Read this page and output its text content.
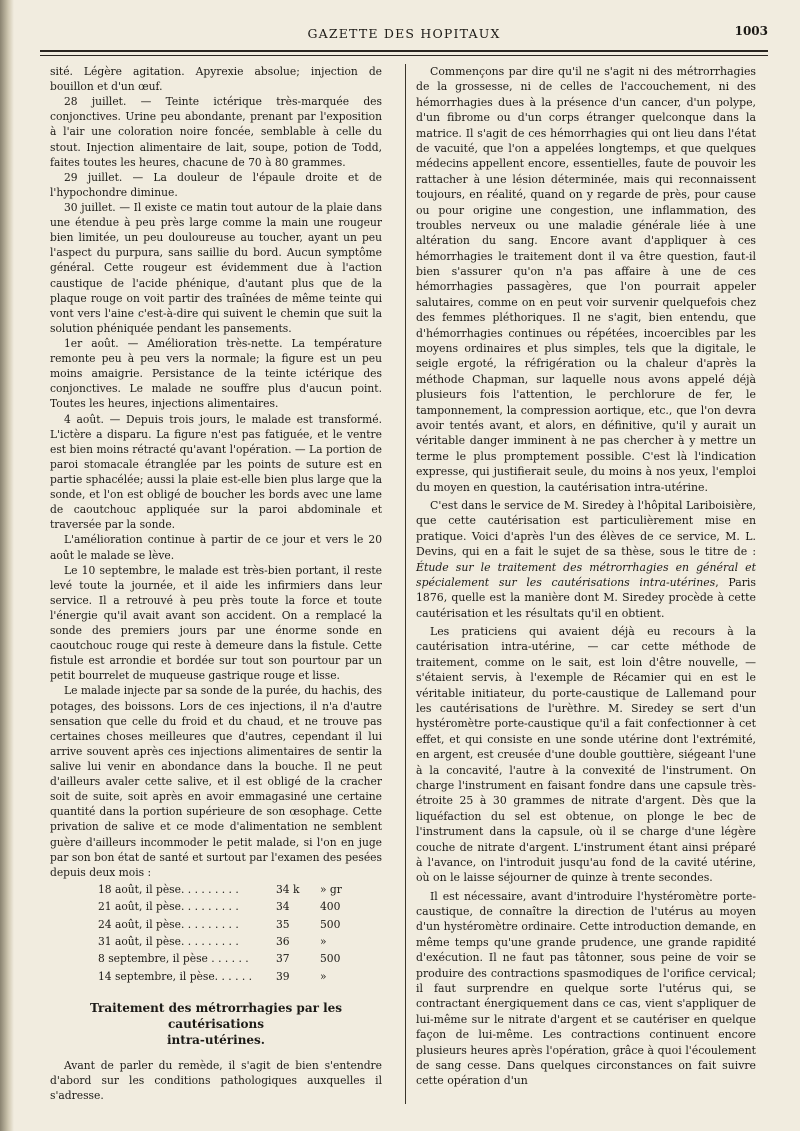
GAZETTE DES HOPITAUX	1003

sité. Légère agitation. Apyrexie absolue; injection de bouillon et d'un œuf.

28 juillet. — Teinte ictérique très-marquée des conjonctives. Urine peu abondante, prenant par l'exposition à l'air une coloration noire foncée, semblable à celle du stout. Injection alimentaire de lait, soupe, potion de Todd, faites toutes les heures, chacune de 70 à 80 grammes.

29 juillet. — La douleur de l'épaule droite et de l'hypochondre diminue.

30 juillet. — Il existe ce matin tout autour de la plaie dans une étendue à peu près large comme la main une rougeur bien limitée, un peu douloureuse au toucher, ayant un peu l'aspect du purpura, sans saillie du bord. Aucun symptôme général. Cette rougeur est évidemment due à l'action caustique de l'acide phénique, d'autant plus que de la plaque rouge on voit partir des traînées de même teinte qui vont vers l'aine c'est-à-dire qui suivent le chemin que suit la solution phéniquée pendant les pansements.

1er août. — Amélioration très-nette. La température remonte peu à peu vers la normale; la figure est un peu moins amaigrie. Persistance de la teinte ictérique des conjonctives. Le malade ne souffre plus d'aucun point. Toutes les heures, injections alimentaires.

4 août. — Depuis trois jours, le malade est transformé. L'ictère a disparu. La figure n'est pas fatiguée, et le ventre est bien moins rétracté qu'avant l'opération. — La portion de paroi stomacale étranglée par les points de suture est en partie sphacélée; aussi la plaie est-elle bien plus large que la sonde, et l'on est obligé de boucher les bords avec une lame de caoutchouc appliquée sur la paroi abdominale et traversée par la sonde.

L'amélioration continue à partir de ce jour et vers le 20 août le malade se lève.

Le 10 septembre, le malade est très-bien portant, il reste levé toute la journée, et il aide les infirmiers dans leur service. Il a retrouvé à peu près toute la force et toute l'énergie qu'il avait avant son accident. On a remplacé la sonde des premiers jours par une énorme sonde en caoutchouc rouge qui reste à demeure dans la fistule. Cette fistule est arrondie et bordée sur tout son pourtour par un petit bourrelet de muqueuse gastrique rouge et lisse.

Le malade injecte par sa sonde de la purée, du hachis, des potages, des boissons. Lors de ces injections, il n'a d'autre sensation que celle du froid et du chaud, et ne trouve pas certaines choses meilleures que d'autres, cependant il lui arrive souvent après ces injections alimentaires de sentir la salive lui venir en abondance dans la bouche. Il ne peut d'ailleurs avaler cette salive, et il est obligé de la cracher soit de suite, soit après en avoir emmagasiné une certaine quantité dans la portion supérieure de son œsophage. Cette privation de salive et ce mode d'alimentation ne semblent guère d'ailleurs incommoder le petit malade, si l'on en juge par son bon état de santé et surtout par l'examen des pesées depuis deux mois :

18 août, il pèse. . . . . . . . .	34 k	» gr
21 août, il pèse. . . . . . . . .	34	400
24 août, il pèse. . . . . . . . .	35	500
31 août, il pèse. . . . . . . . .	36	»
8 septembre, il pèse . . . . . .	37	500
14 septembre, il pèse. . . . . .	39	»
Traitement des métrorrhagies par les cautérisations
intra-utérines.

Avant de parler du remède, il s'agit de bien s'entendre d'abord sur les conditions pathologiques auxquelles il s'adresse.

Commençons par dire qu'il ne s'agit ni des métrorrhagies de la grossesse, ni de celles de l'accouchement, ni des hémorrhagies dues à la présence d'un cancer, d'un polype, d'un fibrome ou d'un corps étranger quelconque dans la matrice. Il s'agit de ces hémorrhagies qui ont lieu dans l'état de vacuité, que l'on a appelées longtemps, et que quelques médecins appellent encore, essentielles, faute de pouvoir les rattacher à une lésion déterminée, mais qui reconnaissent toujours, en réalité, quand on y regarde de près, pour cause ou pour origine une congestion, une inflammation, des troubles nerveux ou une maladie générale liée à une altération du sang. Encore avant d'appliquer à ces hémorrhagies le traitement dont il va être question, faut-il bien s'assurer qu'on n'a pas affaire à une de ces hémorrhagies passagères, que l'on pourrait appeler salutaires, comme on en peut voir survenir quelquefois chez des femmes pléthoriques. Il ne s'agit, bien entendu, que d'hémorrhagies continues ou répétées, incoercibles par les moyens ordinaires et plus simples, tels que la digitale, le seigle ergoté, la réfrigération ou la chaleur d'après la méthode Chapman, sur laquelle nous avons appelé déjà plusieurs fois l'attention, le perchlorure de fer, le tamponnement, la compression aortique, etc., que l'on devra avoir tentés avant, et alors, en définitive, qu'il y aurait un véritable danger imminent à ne pas chercher à y mettre un terme le plus promptement possible. C'est là l'indication expresse, qui justifierait seule, du moins à nos yeux, l'emploi du moyen en question, la cautérisation intra-utérine.

C'est dans le service de M. Siredey à l'hôpital Lariboisière, que cette cautérisation est particulièrement mise en pratique. Voici d'après l'un des élèves de ce service, M. L. Devins, qui en a fait le sujet de sa thèse, sous le titre de : Étude sur le traitement des métrorrhagies en général et spécialement sur les cautérisations intra-utérines, Paris 1876, quelle est la manière dont M. Siredey procède à cette cautérisation et les résultats qu'il en obtient.

Les praticiens qui avaient déjà eu recours à la cautérisation intra-utérine, — car cette méthode de traitement, comme on le sait, est loin d'être nouvelle, — s'étaient servis, à l'exemple de Récamier qui en est le véritable initiateur, du porte-caustique de Lallemand pour les cautérisations de l'urèthre. M. Siredey se sert d'un hystéromètre porte-caustique qu'il a fait confectionner à cet effet, et qui consiste en une sonde utérine dont l'extrémité, en argent, est creusée d'une double gouttière, siégeant l'une à la concavité, l'autre à la convexité de l'instrument. On charge l'instrument en faisant fondre dans une capsule très-étroite 25 à 30 grammes de nitrate d'argent. Dès que la liquéfaction du sel est obtenue, on plonge le bec de l'instrument dans la capsule, où il se charge d'une légère couche de nitrate d'argent. L'instrument étant ainsi préparé à l'avance, on l'introduit jusqu'au fond de la cavité utérine, où on le laisse séjourner de quinze à trente secondes.

Il est nécessaire, avant d'introduire l'hystéromètre porte-caustique, de connaître la direction de l'utérus au moyen d'un hystéromètre ordinaire. Cette introduction demande, en même temps qu'une grande prudence, une grande rapidité d'exécution. Il ne faut pas tâtonner, sous peine de voir se produire des contractions spasmodiques de l'orifice cervical; il faut surprendre en quelque sorte l'utérus qui, se contractant énergiquement dans ce cas, vient s'appliquer de lui-même sur le nitrate d'argent et se cautériser en quelque façon de lui-même. Les contractions continuent encore plusieurs heures après l'opération, grâce à quoi l'écoulement de sang cesse. Dans quelques circonstances on fait suivre cette opération d'un
